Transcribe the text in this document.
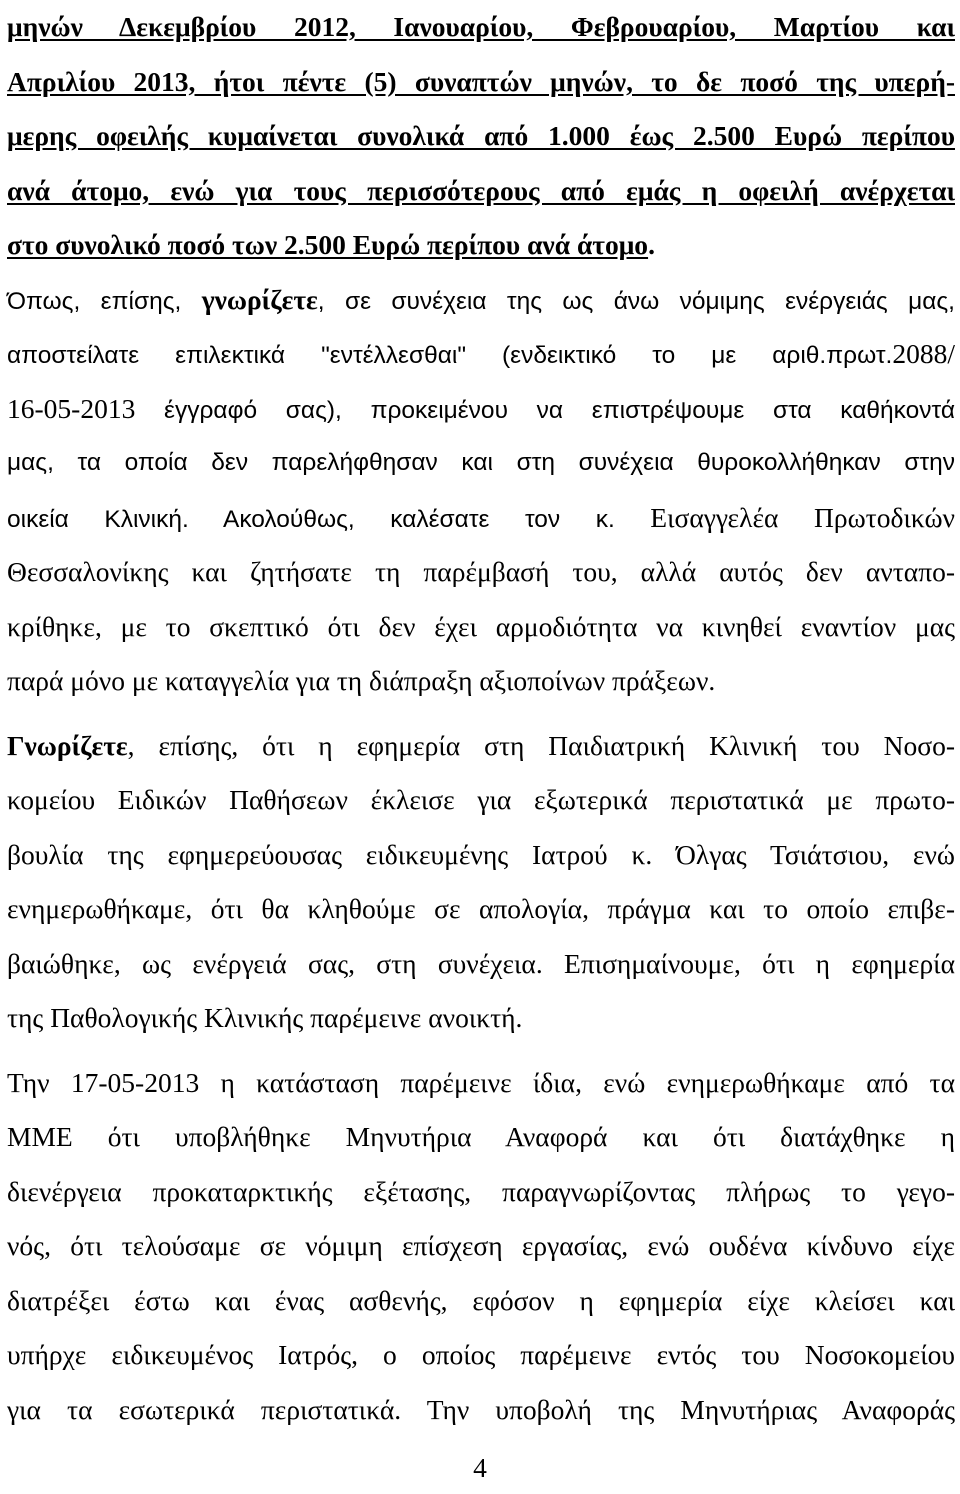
μηνών Δεκεμβρίου 2012, Ιανουαρίου, Φεβρουαρίου, Μαρτίου και
Απριλίου 2013, ήτοι πέντε (5) συναπτών μηνών, το δε ποσό της υπερή-
μερης οφειλής κυμαίνεται συνολικά από 1.000 έως 2.500 Ευρώ περίπου
ανά άτομο, ενώ για τους περισσότερους από εμάς η οφειλή ανέρχεται
στο συνολικό ποσό των 2.500 Ευρώ περίπου ανά άτομο.
Όπως, επίσης, γνωρίζετε, σε συνέχεια της ως άνω νόμιμης ενέργειάς μας,
αποστείλατε επιλεκτικά "εντέλλεσθαι" (ενδεικτικό το με αριθ.πρωτ.2088/
16-05-2013 έγγραφό σας), προκειμένου να επιστρέψουμε στα καθήκοντά
μας, τα οποία δεν παρελήφθησαν και στη συνέχεια θυροκολλήθηκαν στην
οικεία Κλινική. Ακολούθως, καλέσατε τον κ. Εισαγγελέα Πρωτοδικών
Θεσσαλονίκης και ζητήσατε τη παρέμβασή του, αλλά αυτός δεν ανταπο-
κρίθηκε, με το σκεπτικό ότι δεν έχει αρμοδιότητα να κινηθεί εναντίον μας
παρά μόνο με καταγγελία για τη διάπραξη αξιοποίνων πράξεων.
Γνωρίζετε, επίσης, ότι η εφημερία στη Παιδιατρική Κλινική του Νοσο-
κομείου Ειδικών Παθήσεων έκλεισε για εξωτερικά περιστατικά με πρωτο-
βουλία της εφημερεύουσας ειδικευμένης Ιατρού κ. Όλγας Τσιάτσιου, ενώ
ενημερωθήκαμε, ότι θα κληθούμε σε απολογία, πράγμα και το οποίο επιβε-
βαιώθηκε, ως ενέργειά σας, στη συνέχεια. Επισημαίνουμε, ότι η εφημερία
της Παθολογικής Κλινικής παρέμεινε ανοικτή.
Την 17-05-2013 η κατάσταση παρέμεινε ίδια, ενώ ενημερωθήκαμε από τα
ΜΜΕ ότι υποβλήθηκε Μηνυτήρια Αναφορά και ότι διατάχθηκε η
διενέργεια προκαταρκτικής εξέτασης, παραγνωρίζοντας πλήρως το γεγο-
νός, ότι τελούσαμε σε νόμιμη επίσχεση εργασίας, ενώ ουδένα κίνδυνο είχε
διατρέξει έστω και ένας ασθενής, εφόσον η εφημερία είχε κλείσει και
υπήρχε ειδικευμένος Ιατρός, ο οποίος παρέμεινε εντός του Νοσοκομείου
για τα εσωτερικά περιστατικά. Την υποβολή της Μηνυτήριας Αναφοράς
4
